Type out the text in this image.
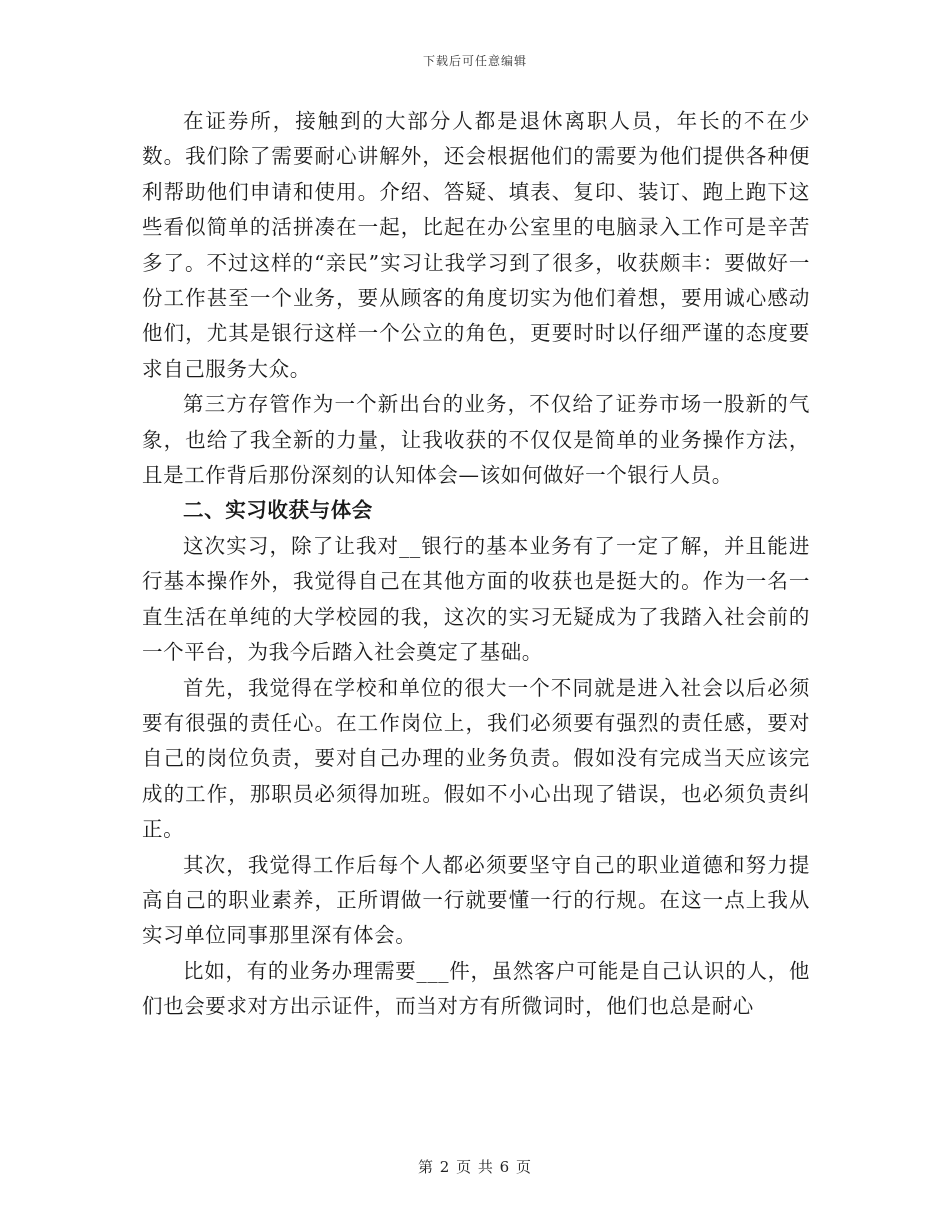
下载后可任意编辑

在证券所，接触到的大部分人都是退休离职人员，年长的不在少数。我们除了需要耐心讲解外，还会根据他们的需要为他们提供各种便利帮助他们申请和使用。介绍、答疑、填表、复印、装订、跑上跑下这些看似简单的活拼凑在一起，比起在办公室里的电脑录入工作可是辛苦多了。不过这样的“亲民”实习让我学习到了很多，收获颇丰：要做好一份工作甚至一个业务，要从顾客的角度切实为他们着想，要用诚心感动他们，尤其是银行这样一个公立的角色，更要时时以仔细严谨的态度要求自己服务大众。

第三方存管作为一个新出台的业务，不仅给了证券市场一股新的气象，也给了我全新的力量，让我收获的不仅仅是简单的业务操作方法，且是工作背后那份深刻的认知体会—该如何做好一个银行人员。

二、实习收获与体会

这次实习，除了让我对__银行的基本业务有了一定了解，并且能进行基本操作外，我觉得自己在其他方面的收获也是挺大的。作为一名一直生活在单纯的大学校园的我，这次的实习无疑成为了我踏入社会前的一个平台，为我今后踏入社会奠定了基础。

首先，我觉得在学校和单位的很大一个不同就是进入社会以后必须要有很强的责任心。在工作岗位上，我们必须要有强烈的责任感，要对自己的岗位负责，要对自己办理的业务负责。假如没有完成当天应该完成的工作，那职员必须得加班。假如不小心出现了错误，也必须负责纠正。

其次，我觉得工作后每个人都必须要坚守自己的职业道德和努力提高自己的职业素养，正所谓做一行就要懂一行的行规。在这一点上我从实习单位同事那里深有体会。

比如，有的业务办理需要___件，虽然客户可能是自己认识的人，他们也会要求对方出示证件，而当对方有所微词时，他们也总是耐心

第 2 页 共 6 页
